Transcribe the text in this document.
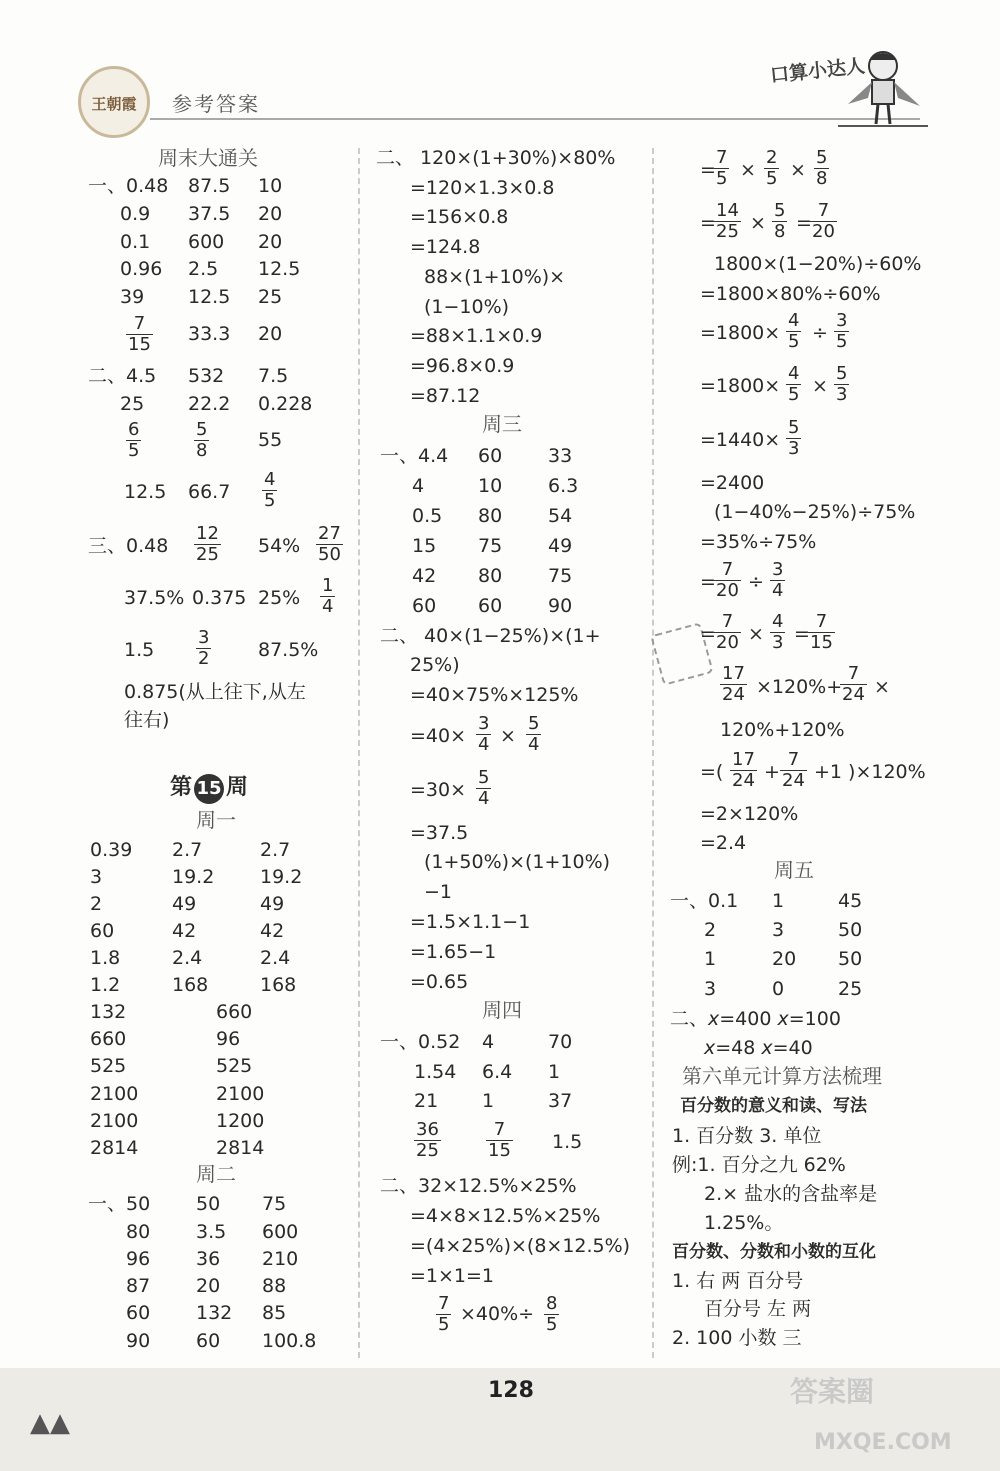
王朝霞	参考答案
口算小达人
周末大通关
一、0.48 87.5 10
0.9 37.5 20
0.1 600 20
0.96 2.5 12.5
39 12.5 25
$\frac{7}{15} 33.3$ 20
二、4.5 532 7.5
25 22.2 0.228
$\frac{6}{5}$	$\frac{5}{8}$	55
12.5 $66.7 \frac{4}{5}$
三、$0.48 \frac{12}{25} 54\% \frac{27}{50}$
37.5% 0.375 $25\% \frac{1}{4}$
$1.5 \frac{3}{2} 87.5\%$
0.875(从上往下,从左
往右)
第 15 周
周一
0.39 2.7	2.7
3	19.2 19.2
2	49	49
60	42	42
1.8	2.4	2.4
1.2	168	168
132	660
660	96
525	525
2100	2100
2100	1200
2814	2814
周二
一、50 50 75
80 3.5 600
96 36 210
87 20 88
60 132 85
90 60 100.8
二、 120×(1+30%)×80%
=120×1.3×0.8
=156×0.8
=124.8
88×(1+10%)×
(1−10%)
=88×1.1×0.9
=96.8×0.9
=87.12
周三
一、4.4 60 33
4	10 6.3
0.5 80 54
15 75 49
42 80 75
60 60 90
二、 40×(1−25%)×(1+
25%)
=40×75%×125%
$=40\times \frac{3}{4} \times \frac{5}{4}$
$=30\times \frac{5}{4}$
=37.5
(1+50%)×(1+10%)
−1
=1.5×1.1−1
=1.65−1
=0.65
周四
一、0.52 4	70
1.54 6.4 1
21 1	37
$\frac{36}{25}$	$\frac{7}{15} 1.5$
二、32×12.5%×25%
=4×8×12.5%×25%
=(4×25%)×(8×12.5%)
=1×1=1
$\frac{7}{5} \times 40\%\div \frac{8}{5}$
=
$\frac{7}{5} \times \frac{2}{5} \times \frac{5}{8}$
=
$\frac{14}{25} \times \frac{5}{8}$ =
$\frac{7}{20}$
1800×(1−20%)÷60%
=1800×80%÷60%
$=1800\times \frac{4}{5} \div \frac{3}{5}$
$=1800\times \frac{4}{5} \times \frac{5}{3}$
$=1440\times \frac{5}{3}$
=2400
(1−40%−25%)÷75%
=35%÷75%
=
$\frac{7}{20} \div \frac{3}{4}$
=
$\frac{7}{20} \times \frac{4}{3}$ =
$\frac{7}{15}$
$\frac{17}{24} \times 120\%+$
$\frac{7}{24}$ ×
120%+120%
=( $\frac{17}{24} + \frac{7}{24} +1$ )×120%
=2×120%
=2.4
周五
一、0.1 1	45
2	3	50
1	20 50
3	0	25
二、x=400 x=100
x=48 x=40
第六单元计算方法梳理
百分数的意义和读、写法
1. 百分数 3. 单位
例:1. 百分之九 62%
2.× 盐水的含盐率是
1.25%。
百分数、分数和小数的互化
1. 右 两 百分号
百分号 左 两
2. 100 小数 三
▲▲
128	答案圈
MXQE.COM
